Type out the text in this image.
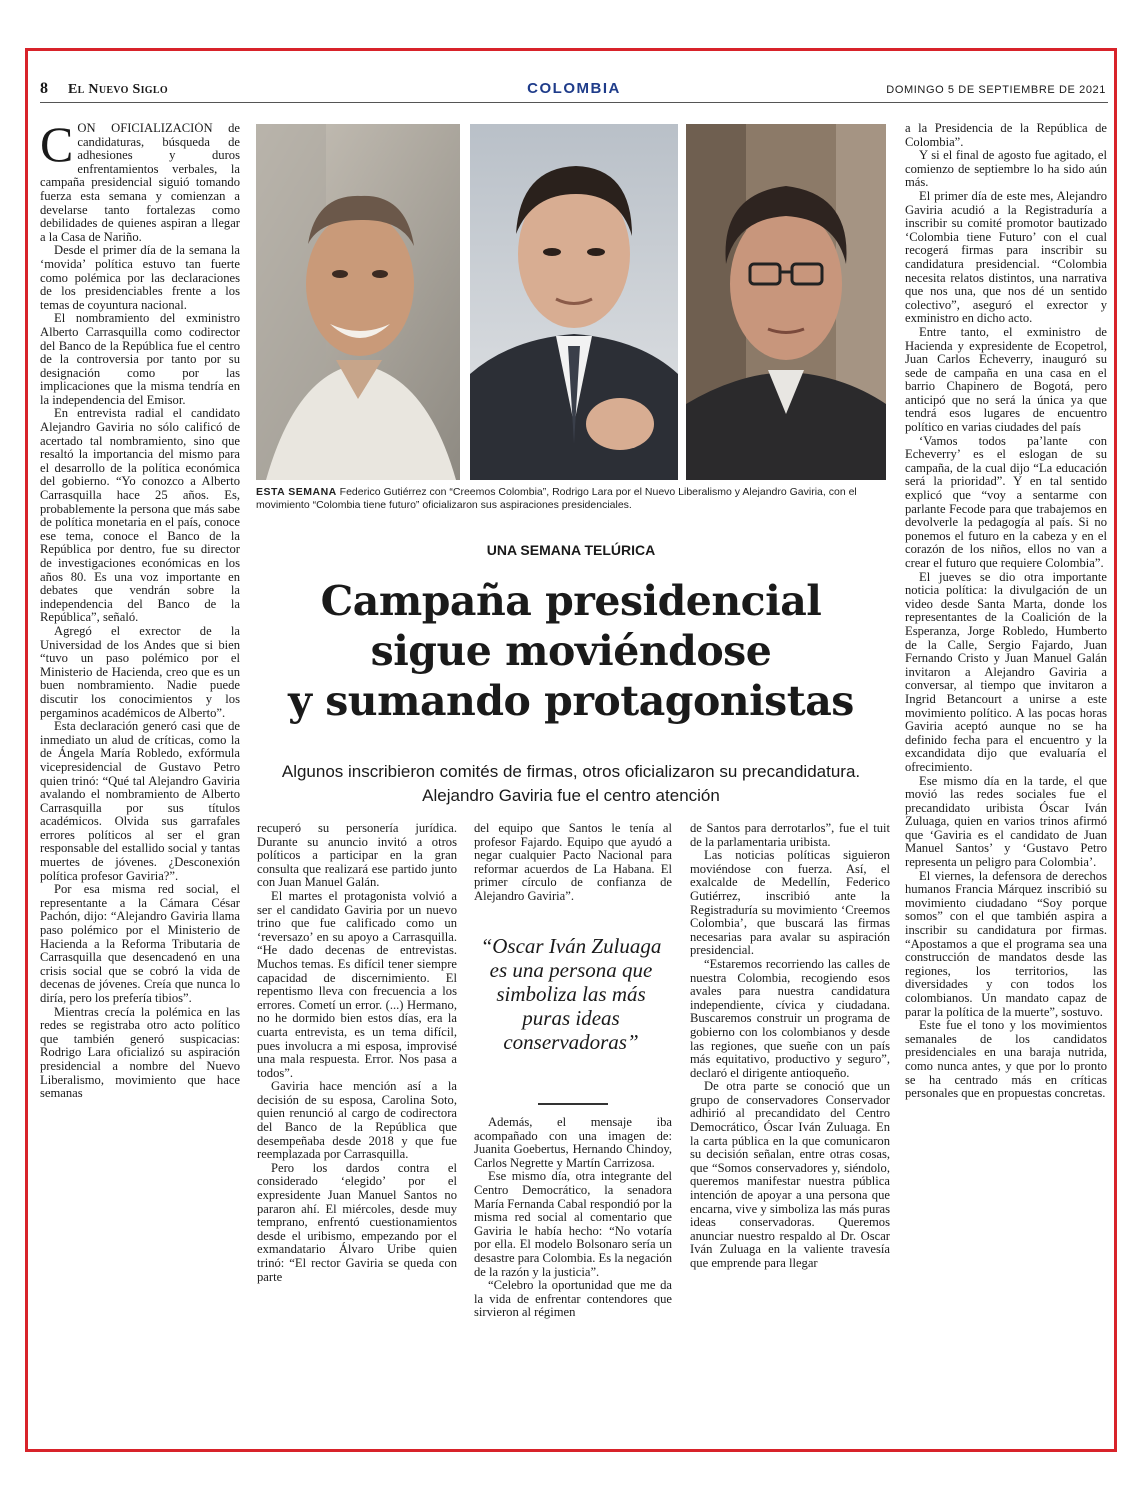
8 El Nuevo Siglo	COLOMBIA	DOMINGO 5 DE SEPTIEMBRE DE 2021

CON OFICIALIZACIÓN de candidaturas, búsqueda de adhesiones y duros enfrentamientos verbales, la campaña presidencial siguió tomando fuerza esta semana y comienzan a develarse tanto fortalezas como debilidades de quienes aspiran a llegar a la Casa de Nariño.

Desde el primer día de la semana la ‘movida’ política estuvo tan fuerte como polémica por las declaraciones de los presidenciables frente a los temas de coyuntura nacional.

El nombramiento del exministro Alberto Carrasquilla como codirector del Banco de la República fue el centro de la controversia por tanto por su designación como por las implicaciones que la misma tendría en la independencia del Emisor.

En entrevista radial el candidato Alejandro Gaviria no sólo calificó de acertado tal nombramiento, sino que resaltó la importancia del mismo para el desarrollo de la política económica del gobierno. “Yo conozco a Alberto Carrasquilla hace 25 años. Es, probablemente la persona que más sabe de política monetaria en el país, conoce ese tema, conoce el Banco de la República por dentro, fue su director de investigaciones económicas en los años 80. Es una voz importante en debates que vendrán sobre la independencia del Banco de la República”, señaló.

Agregó el exrector de la Universidad de los Andes que si bien “tuvo un paso polémico por el Ministerio de Hacienda, creo que es un buen nombramiento. Nadie puede discutir los conocimientos y los pergaminos académicos de Alberto”.

Esta declaración generó casi que de inmediato un alud de críticas, como la de Ángela María Robledo, exfórmula vicepresidencial de Gustavo Petro quien trinó: “Qué tal Alejandro Gaviria avalando el nombramiento de Alberto Carrasquilla por sus títulos académicos. Olvida sus garrafales errores políticos al ser el gran responsable del estallido social y tantas muertes de jóvenes. ¿Desconexión política profesor Gaviria?”.

Por esa misma red social, el representante a la Cámara César Pachón, dijo: “Alejandro Gaviria llama paso polémico por el Ministerio de Hacienda a la Reforma Tributaria de Carrasquilla que desencadenó en una crisis social que se cobró la vida de decenas de jóvenes. Creía que nunca lo diría, pero los prefería tibios”.

Mientras crecía la polémica en las redes se registraba otro acto político que también generó suspicacias: Rodrigo Lara oficializó su aspiración presidencial a nombre del Nuevo Liberalismo, movimiento que hace semanas

ESTA SEMANA Federico Gutiérrez con “Creemos Colombia”, Rodrigo Lara por el Nuevo Liberalismo y Alejandro Gaviria, con el movimiento “Colombia tiene futuro” oficializaron sus aspiraciones presidenciales.
UNA SEMANA TELÚRICA
Campaña presidencial
sigue moviéndose
y sumando protagonistas
Algunos inscribieron comités de firmas, otros oficializaron su precandidatura. Alejandro Gaviria fue el centro atención

recuperó su personería jurídica. Durante su anuncio invitó a otros políticos a participar en la gran consulta que realizará ese partido junto con Juan Manuel Galán.

El martes el protagonista volvió a ser el candidato Gaviria por un nuevo trino que fue calificado como un ‘reversazo’ en su apoyo a Carrasquilla. “He dado decenas de entrevistas. Muchos temas. Es difícil tener siempre capacidad de discernimiento. El repentismo lleva con frecuencia a los errores. Cometí un error. (...) Hermano, no he dormido bien estos días, era la cuarta entrevista, es un tema difícil, pues involucra a mi esposa, improvisé una mala respuesta. Error. Nos pasa a todos”.

Gaviria hace mención así a la decisión de su esposa, Carolina Soto, quien renunció al cargo de codirectora del Banco de la República que desempeñaba desde 2018 y que fue reemplazada por Carrasquilla.

Pero los dardos contra el considerado ‘elegido’ por el expresidente Juan Manuel Santos no pararon ahí. El miércoles, desde muy temprano, enfrentó cuestionamientos desde el uribismo, empezando por el exmandatario Álvaro Uribe quien trinó: “El rector Gaviria se queda con parte

del equipo que Santos le tenía al profesor Fajardo. Equipo que ayudó a negar cualquier Pacto Nacional para reformar acuerdos de La Habana. El primer círculo de confianza de Alejandro Gaviria”.

“Oscar Iván Zuluaga es una persona que simboliza las más puras ideas conservadoras”

Además, el mensaje iba acompañado con una imagen de: Juanita Goebertus, Hernando Chindoy, Carlos Negrette y Martín Carrizosa.

Ese mismo día, otra integrante del Centro Democrático, la senadora María Fernanda Cabal respondió por la misma red social al comentario que Gaviria le había hecho: “No votaría por ella. El modelo Bolsonaro sería un desastre para Colombia. Es la negación de la razón y la justicia”.

“Celebro la oportunidad que me da la vida de enfrentar contendores que sirvieron al régimen

de Santos para derrotarlos”, fue el tuit de la parlamentaria uribista.

Las noticias políticas siguieron moviéndose con fuerza. Así, el exalcalde de Medellín, Federico Gutiérrez, inscribió ante la Registraduría su movimiento ‘Creemos Colombia’, que buscará las firmas necesarias para avalar su aspiración presidencial.

“Estaremos recorriendo las calles de nuestra Colombia, recogiendo esos avales para nuestra candidatura independiente, cívica y ciudadana. Buscaremos construir un programa de gobierno con los colombianos y desde las regiones, que sueñe con un país más equitativo, productivo y seguro”, declaró el dirigente antioqueño.

De otra parte se conoció que un grupo de conservadores Conservador adhirió al precandidato del Centro Democrático, Óscar Iván Zuluaga. En la carta pública en la que comunicaron su decisión señalan, entre otras cosas, que “Somos conservadores y, siéndolo, queremos manifestar nuestra pública intención de apoyar a una persona que encarna, vive y simboliza las más puras ideas conservadoras. Queremos anunciar nuestro respaldo al Dr. Oscar Iván Zuluaga en la valiente travesía que emprende para llegar

a la Presidencia de la República de Colombia”.

Y si el final de agosto fue agitado, el comienzo de septiembre lo ha sido aún más.

El primer día de este mes, Alejandro Gaviria acudió a la Registraduría a inscribir su comité promotor bautizado ‘Colombia tiene Futuro’ con el cual recogerá firmas para inscribir su candidatura presidencial. “Colombia necesita relatos distintos, una narrativa que nos una, que nos dé un sentido colectivo”, aseguró el exrector y exministro en dicho acto.

Entre tanto, el exministro de Hacienda y expresidente de Ecopetrol, Juan Carlos Echeverry, inauguró su sede de campaña en una casa en el barrio Chapinero de Bogotá, pero anticipó que no será la única ya que tendrá esos lugares de encuentro político en varias ciudades del país

‘Vamos todos pa’lante con Echeverry’ es el eslogan de su campaña, de la cual dijo “La educación será la prioridad”. Y en tal sentido explicó que “voy a sentarme con parlante Fecode para que trabajemos en devolverle la pedagogía al país. Si no ponemos el futuro en la cabeza y en el corazón de los niños, ellos no van a crear el futuro que requiere Colombia”.

El jueves se dio otra importante noticia política: la divulgación de un video desde Santa Marta, donde los representantes de la Coalición de la Esperanza, Jorge Robledo, Humberto de la Calle, Sergio Fajardo, Juan Fernando Cristo y Juan Manuel Galán invitaron a Alejandro Gaviria a conversar, al tiempo que invitaron a Ingrid Betancourt a unirse a este movimiento político. A las pocas horas Gaviria aceptó aunque no se ha definido fecha para el encuentro y la excandidata dijo que evaluaría el ofrecimiento.

Ese mismo día en la tarde, el que movió las redes sociales fue el precandidato uribista Óscar Iván Zuluaga, quien en varios trinos afirmó que ‘Gaviria es el candidato de Juan Manuel Santos’ y ‘Gustavo Petro representa un peligro para Colombia’.

El viernes, la defensora de derechos humanos Francia Márquez inscribió su movimiento ciudadano “Soy porque somos” con el que también aspira a inscribir su candidatura por firmas. “Apostamos a que el programa sea una construcción de mandatos desde las regiones, los territorios, las diversidades y con todos los colombianos. Un mandato capaz de parar la política de la muerte”, sostuvo.

Este fue el tono y los movimientos semanales de los candidatos presidenciales en una baraja nutrida, como nunca antes, y que por lo pronto se ha centrado más en críticas personales que en propuestas concretas.
